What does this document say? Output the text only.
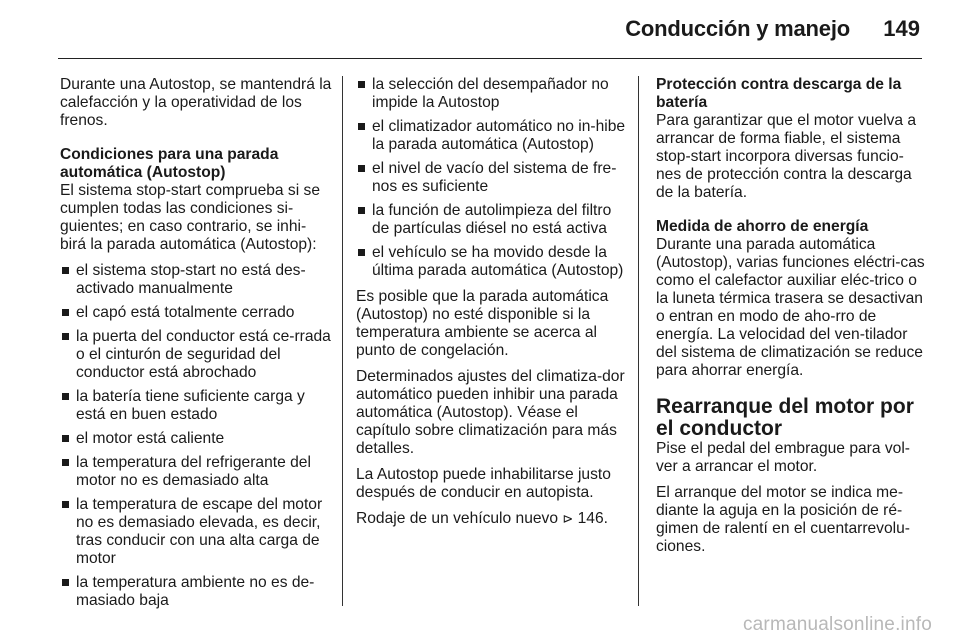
Conducción y manejo 149

Durante una Autostop, se mantendrá la calefacción y la operatividad de los frenos.

Condiciones para una parada automática (Autostop)

El sistema stop-start comprueba si se cumplen todas las condiciones si-guientes; en caso contrario, se inhi-birá la parada automática (Autostop):

el sistema stop-start no está des-activado manualmente
el capó está totalmente cerrado
la puerta del conductor está ce-rrada o el cinturón de seguridad del conductor está abrochado
la batería tiene suficiente carga y está en buen estado
el motor está caliente
la temperatura del refrigerante del motor no es demasiado alta
la temperatura de escape del motor no es demasiado elevada, es decir, tras conducir con una alta carga de motor
la temperatura ambiente no es de-masiado baja
la selección del desempañador no impide la Autostop
el climatizador automático no in-hibe la parada automática (Autostop)
el nivel de vacío del sistema de fre-nos es suficiente
la función de autolimpieza del filtro de partículas diésel no está activa
el vehículo se ha movido desde la última parada automática (Autostop)

Es posible que la parada automática (Autostop) no esté disponible si la temperatura ambiente se acerca al punto de congelación.

Determinados ajustes del climatiza-dor automático pueden inhibir una parada automática (Autostop). Véase el capítulo sobre climatización para más detalles.

La Autostop puede inhabilitarse justo después de conducir en autopista.

Rodaje de un vehículo nuevo ⊳ 146.

Protección contra descarga de la batería

Para garantizar que el motor vuelva a arrancar de forma fiable, el sistema stop-start incorpora diversas funcio-nes de protección contra la descarga de la batería.

Medida de ahorro de energía

Durante una parada automática (Autostop), varias funciones eléctri-cas como el calefactor auxiliar eléc-trico o la luneta térmica trasera se desactivan o entran en modo de aho-rro de energía. La velocidad del ven-tilador del sistema de climatización se reduce para ahorrar energía.

Rearranque del motor por el conductor

Pise el pedal del embrague para vol-ver a arrancar el motor.

El arranque del motor se indica me-diante la aguja en la posición de ré-gimen de ralentí en el cuentarrevolu-ciones.

carmanualsonline.info
